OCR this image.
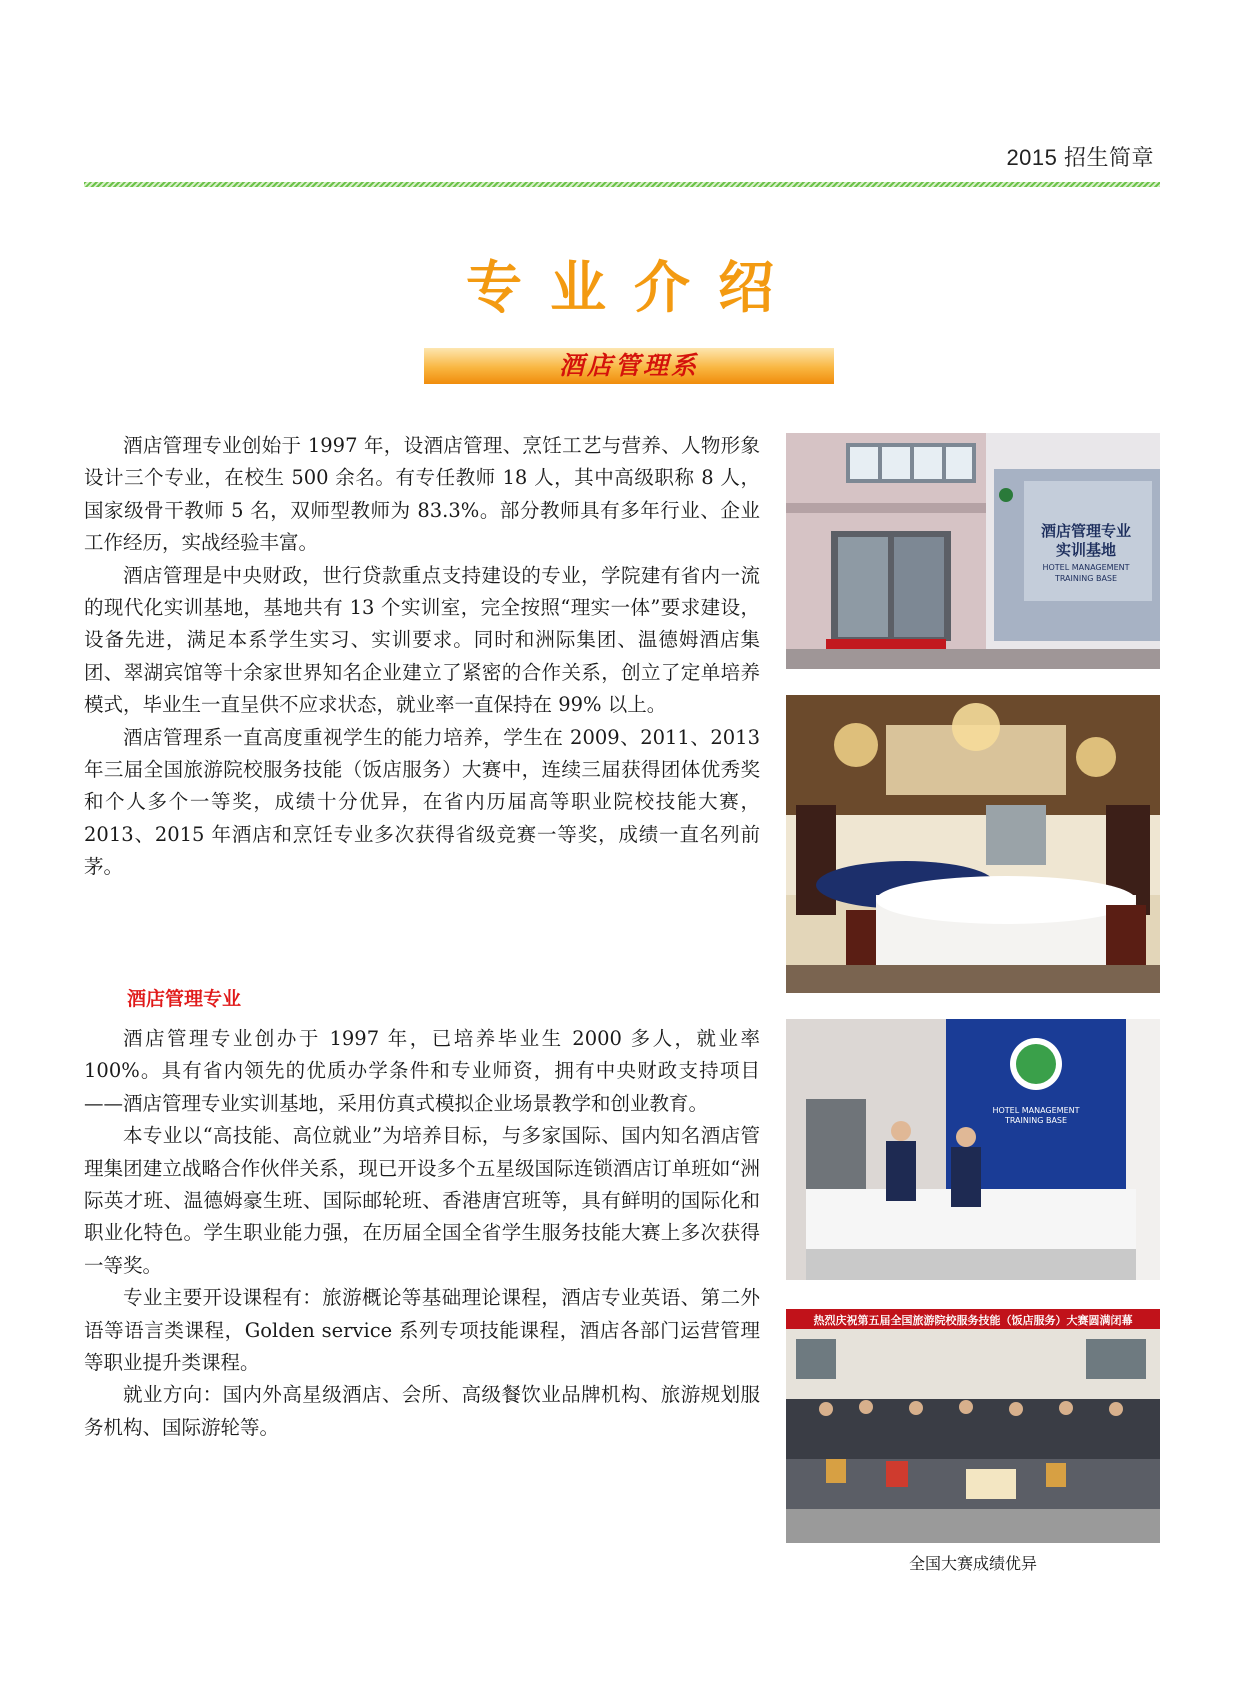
2015 招生简章
专业介绍
酒店管理系

酒店管理专业创始于 1997 年，设酒店管理、烹饪工艺与营养、人物形象设计三个专业，在校生 500 余名。有专任教师 18 人，其中高级职称 8 人，国家级骨干教师 5 名，双师型教师为 83.3%。部分教师具有多年行业、企业工作经历，实战经验丰富。

酒店管理是中央财政，世行贷款重点支持建设的专业，学院建有省内一流的现代化实训基地，基地共有 13 个实训室，完全按照“理实一体”要求建设，设备先进，满足本系学生实习、实训要求。同时和洲际集团、温德姆酒店集团、翠湖宾馆等十余家世界知名企业建立了紧密的合作关系，创立了定单培养模式，毕业生一直呈供不应求状态，就业率一直保持在 99% 以上。

酒店管理系一直高度重视学生的能力培养，学生在 2009、2011、2013 年三届全国旅游院校服务技能（饭店服务）大赛中，连续三届获得团体优秀奖和个人多个一等奖，成绩十分优异，在省内历届高等职业院校技能大赛，2013、2015 年酒店和烹饪专业多次获得省级竞赛一等奖，成绩一直名列前茅。

酒店管理专业

酒店管理专业创办于 1997 年，已培养毕业生 2000 多人，就业率 100%。具有省内领先的优质办学条件和专业师资，拥有中央财政支持项目——酒店管理专业实训基地，采用仿真式模拟企业场景教学和创业教育。

本专业以“高技能、高位就业”为培养目标，与多家国际、国内知名酒店管理集团建立战略合作伙伴关系，现已开设多个五星级国际连锁酒店订单班如“洲际英才班、温德姆豪生班、国际邮轮班、香港唐宫班等，具有鲜明的国际化和职业化特色。学生职业能力强，在历届全国全省学生服务技能大赛上多次获得一等奖。

专业主要开设课程有：旅游概论等基础理论课程，酒店专业英语、第二外语等语言类课程，Golden service 系列专项技能课程，酒店各部门运营管理等职业提升类课程。

就业方向：国内外高星级酒店、会所、高级餐饮业品牌机构、旅游规划服务机构、国际游轮等。

酒店管理专业
实训基地
HOTEL MANAGEMENT
TRAINING BASE
HOTEL MANAGEMENT
TRAINING BASE
热烈庆祝第五届全国旅游院校服务技能（饭店服务）大赛圆满闭幕
全国大赛成绩优异
